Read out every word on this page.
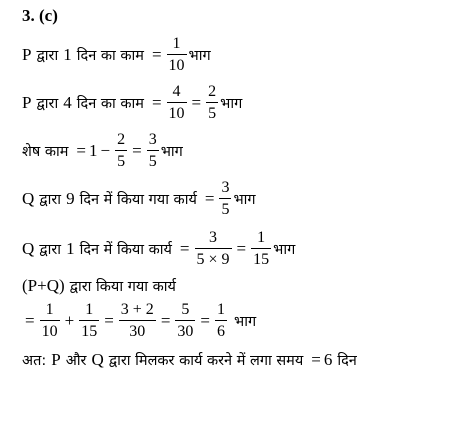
3. (c)
P द्वारा 1 दिन का काम = $\frac{1}{10}$ भाग
P द्वारा 4 दिन का काम = $\frac{4}{10} = \frac{2}{5}$ भाग
शेष काम = $1 - \frac{2}{5} = \frac{3}{5}$ भाग
Q द्वारा 9 दिन में किया गया कार्य = $\frac{3}{5}$ भाग
Q द्वारा 1 दिन में किया कार्य = $\frac{3}{5 \times 9} = \frac{1}{15}$ भाग
(P+Q) द्वारा किया गया कार्य
= $\frac{1}{10} + \frac{1}{15} = \frac{3 + 2}{30} = \frac{5}{30} = \frac{1}{6}$ भाग
अत: P और Q द्वारा मिलकर कार्य करने में लगा समय = 6 दिन
